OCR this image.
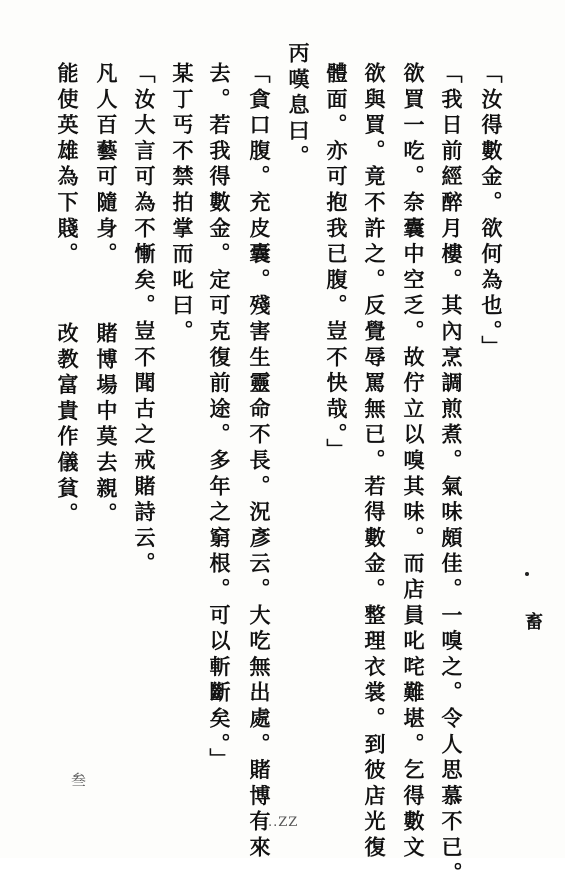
畜
「汝得數金。欲何為也。」
「我日前經醉月樓。其內烹調煎煮。氣味頗佳。一嗅之。令人思慕不已。
欲買一吃。奈囊中空乏。故佇立以嗅其味。而店員叱咤難堪。乞得數文
欲與買。竟不許之。反覺辱罵無已。若得數金。整理衣裳。到彼店光復
體面。亦可抱我已腹。豈不快哉。」
丙嘆息曰。
「貪口腹。充皮囊。殘害生靈命不長。況彥云。大吃無出處。賭博有來
去。若我得數金。定可克復前途。多年之窮根。可以斬斷矣。」
某丁丐不禁拍掌而叱曰。
「汝大言可為不慚矣。豈不聞古之戒賭詩云。
凡人百藝可隨身。
能使英雄為下賤。
賭博場中莫去親。
改教富貴作儀貧。
叁
..ZZ
